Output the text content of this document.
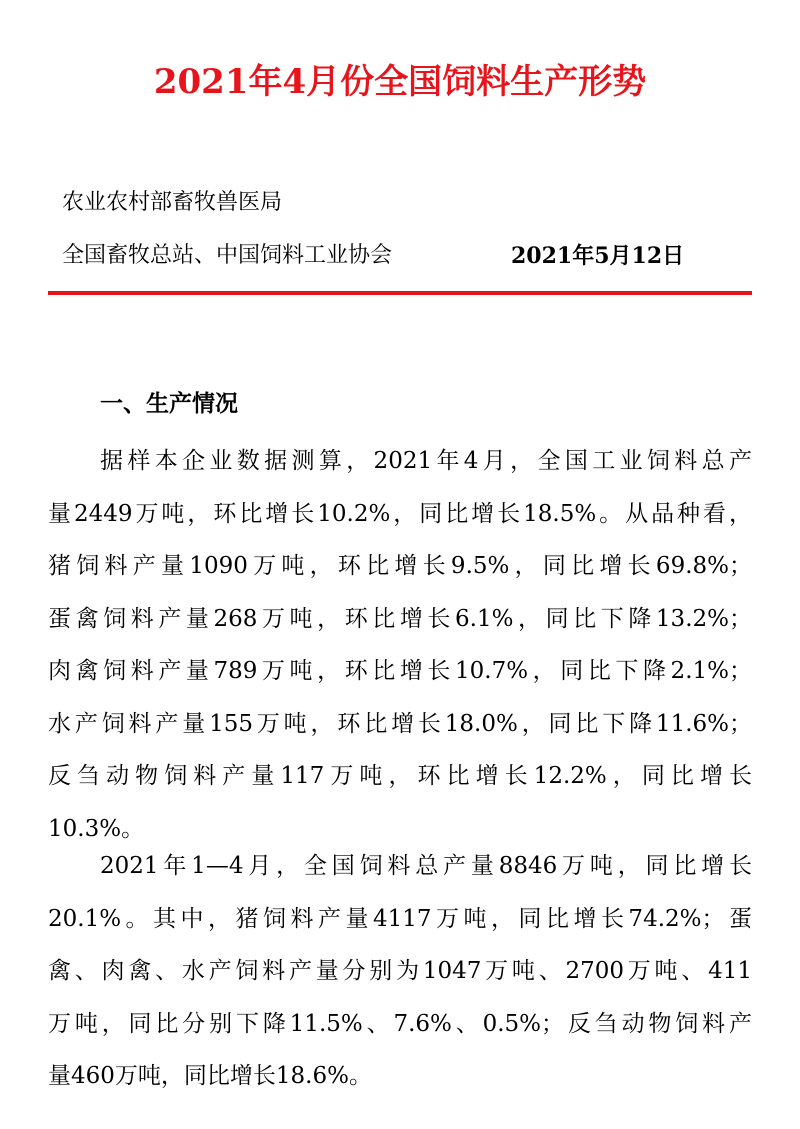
2021年4月份全国饲料生产形势

农业农村部畜牧兽医局

全国畜牧总站、中国饲料工业协会	2021年5月12日

一、生产情况
据样本企业数据测算，2021年4月，全国工业饲料总产
量2449万吨，环比增长10.2%，同比增长18.5%。从品种看，
猪饲料产量1090万吨，环比增长9.5%，同比增长69.8%；
蛋禽饲料产量268万吨，环比增长6.1%，同比下降13.2%；
肉禽饲料产量789万吨，环比增长10.7%，同比下降2.1%；
水产饲料产量155万吨，环比增长18.0%，同比下降11.6%；
反刍动物饲料产量117万吨，环比增长12.2%，同比增长
10.3%。
2021年1—4月，全国饲料总产量8846万吨，同比增长
20.1%。其中，猪饲料产量4117万吨，同比增长74.2%；蛋
禽、肉禽、水产饲料产量分别为1047万吨、2700万吨、411
万吨，同比分别下降11.5%、7.6%、0.5%；反刍动物饲料产
量460万吨，同比增长18.6%。
